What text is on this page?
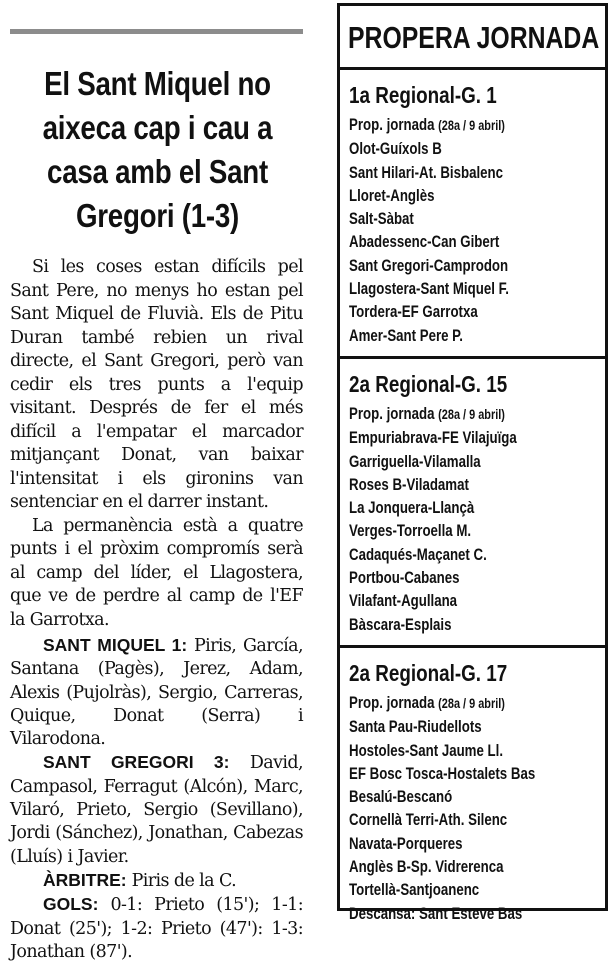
El Sant Miquel no aixeca cap i cau a casa amb el Sant Gregori (1-3)

Si les coses estan difícils pel Sant Pere, no menys ho estan pel Sant Miquel de Fluvià. Els de Pitu Duran també rebien un rival directe, el Sant Gregori, però van cedir els tres punts a l'equip visitant. Després de fer el més difícil a l'empatar el marcador mitjançant Donat, van baixar l'intensitat i els gironins van sentenciar en el darrer instant.

La permanència està a quatre punts i el pròxim compromís serà al camp del líder, el Llagostera, que ve de perdre al camp de l'EF la Garrotxa.

SANT MIQUEL 1: Piris, García, Santana (Pagès), Jerez, Adam, Alexis (Pujolràs), Sergio, Carreras, Quique, Donat (Serra) i Vilarodona.

SANT GREGORI 3: David, Campasol, Ferragut (Alcón), Marc, Vilaró, Prieto, Sergio (Sevillano), Jordi (Sánchez), Jonathan, Cabezas (Lluís) i Javier.

ÀRBITRE: Piris de la C.

GOLS: 0-1: Prieto (15'); 1-1: Donat (25'); 1-2: Prieto (47'): 1-3: Jonathan (87').

PROPERA JORNADA
1a Regional-G. 1
Prop. jornada (28a / 9 abril)
Olot-Guíxols B
Sant Hilari-At. Bisbalenc
Lloret-Anglès
Salt-Sàbat
Abadessenc-Can Gibert
Sant Gregori-Camprodon
Llagostera-Sant Miquel F.
Tordera-EF Garrotxa
Amer-Sant Pere P.
2a Regional-G. 15
Prop. jornada (28a / 9 abril)
Empuriabrava-FE Vilajuïga
Garriguella-Vilamalla
Roses B-Viladamat
La Jonquera-Llançà
Verges-Torroella M.
Cadaqués-Maçanet C.
Portbou-Cabanes
Vilafant-Agullana
Bàscara-Esplais
2a Regional-G. 17
Prop. jornada (28a / 9 abril)
Santa Pau-Riudellots
Hostoles-Sant Jaume Ll.
EF Bosc Tosca-Hostalets Bas
Besalú-Bescanó
Cornellà Terri-Ath. Silenc
Navata-Porqueres
Anglès B-Sp. Vidrerenca
Tortellà-Santjoanenc
Descansa: Sant Esteve Bas
